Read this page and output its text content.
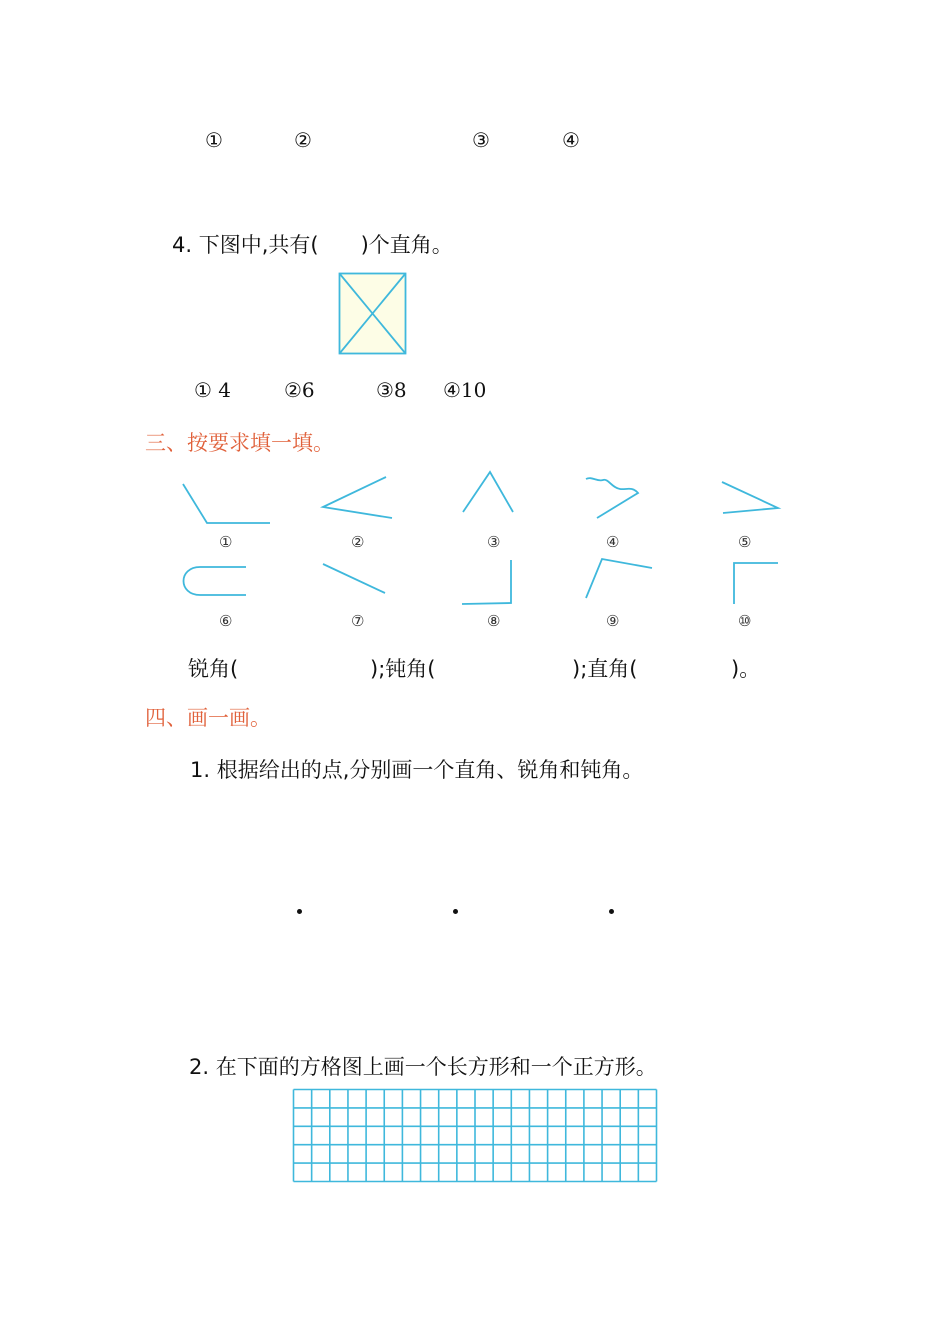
①	②	③	④
4. 下图中,共有(　　)个直角。
① 4	②6	③8 ④10
三、按要求填一填。
①	②	③	④	⑤
⑥	⑦	⑧	⑨	⑩
锐角(	);钝角(	);直角(	)。
四、画一画。
1. 根据给出的点,分别画一个直角、锐角和钝角。
2. 在下面的方格图上画一个长方形和一个正方形。
